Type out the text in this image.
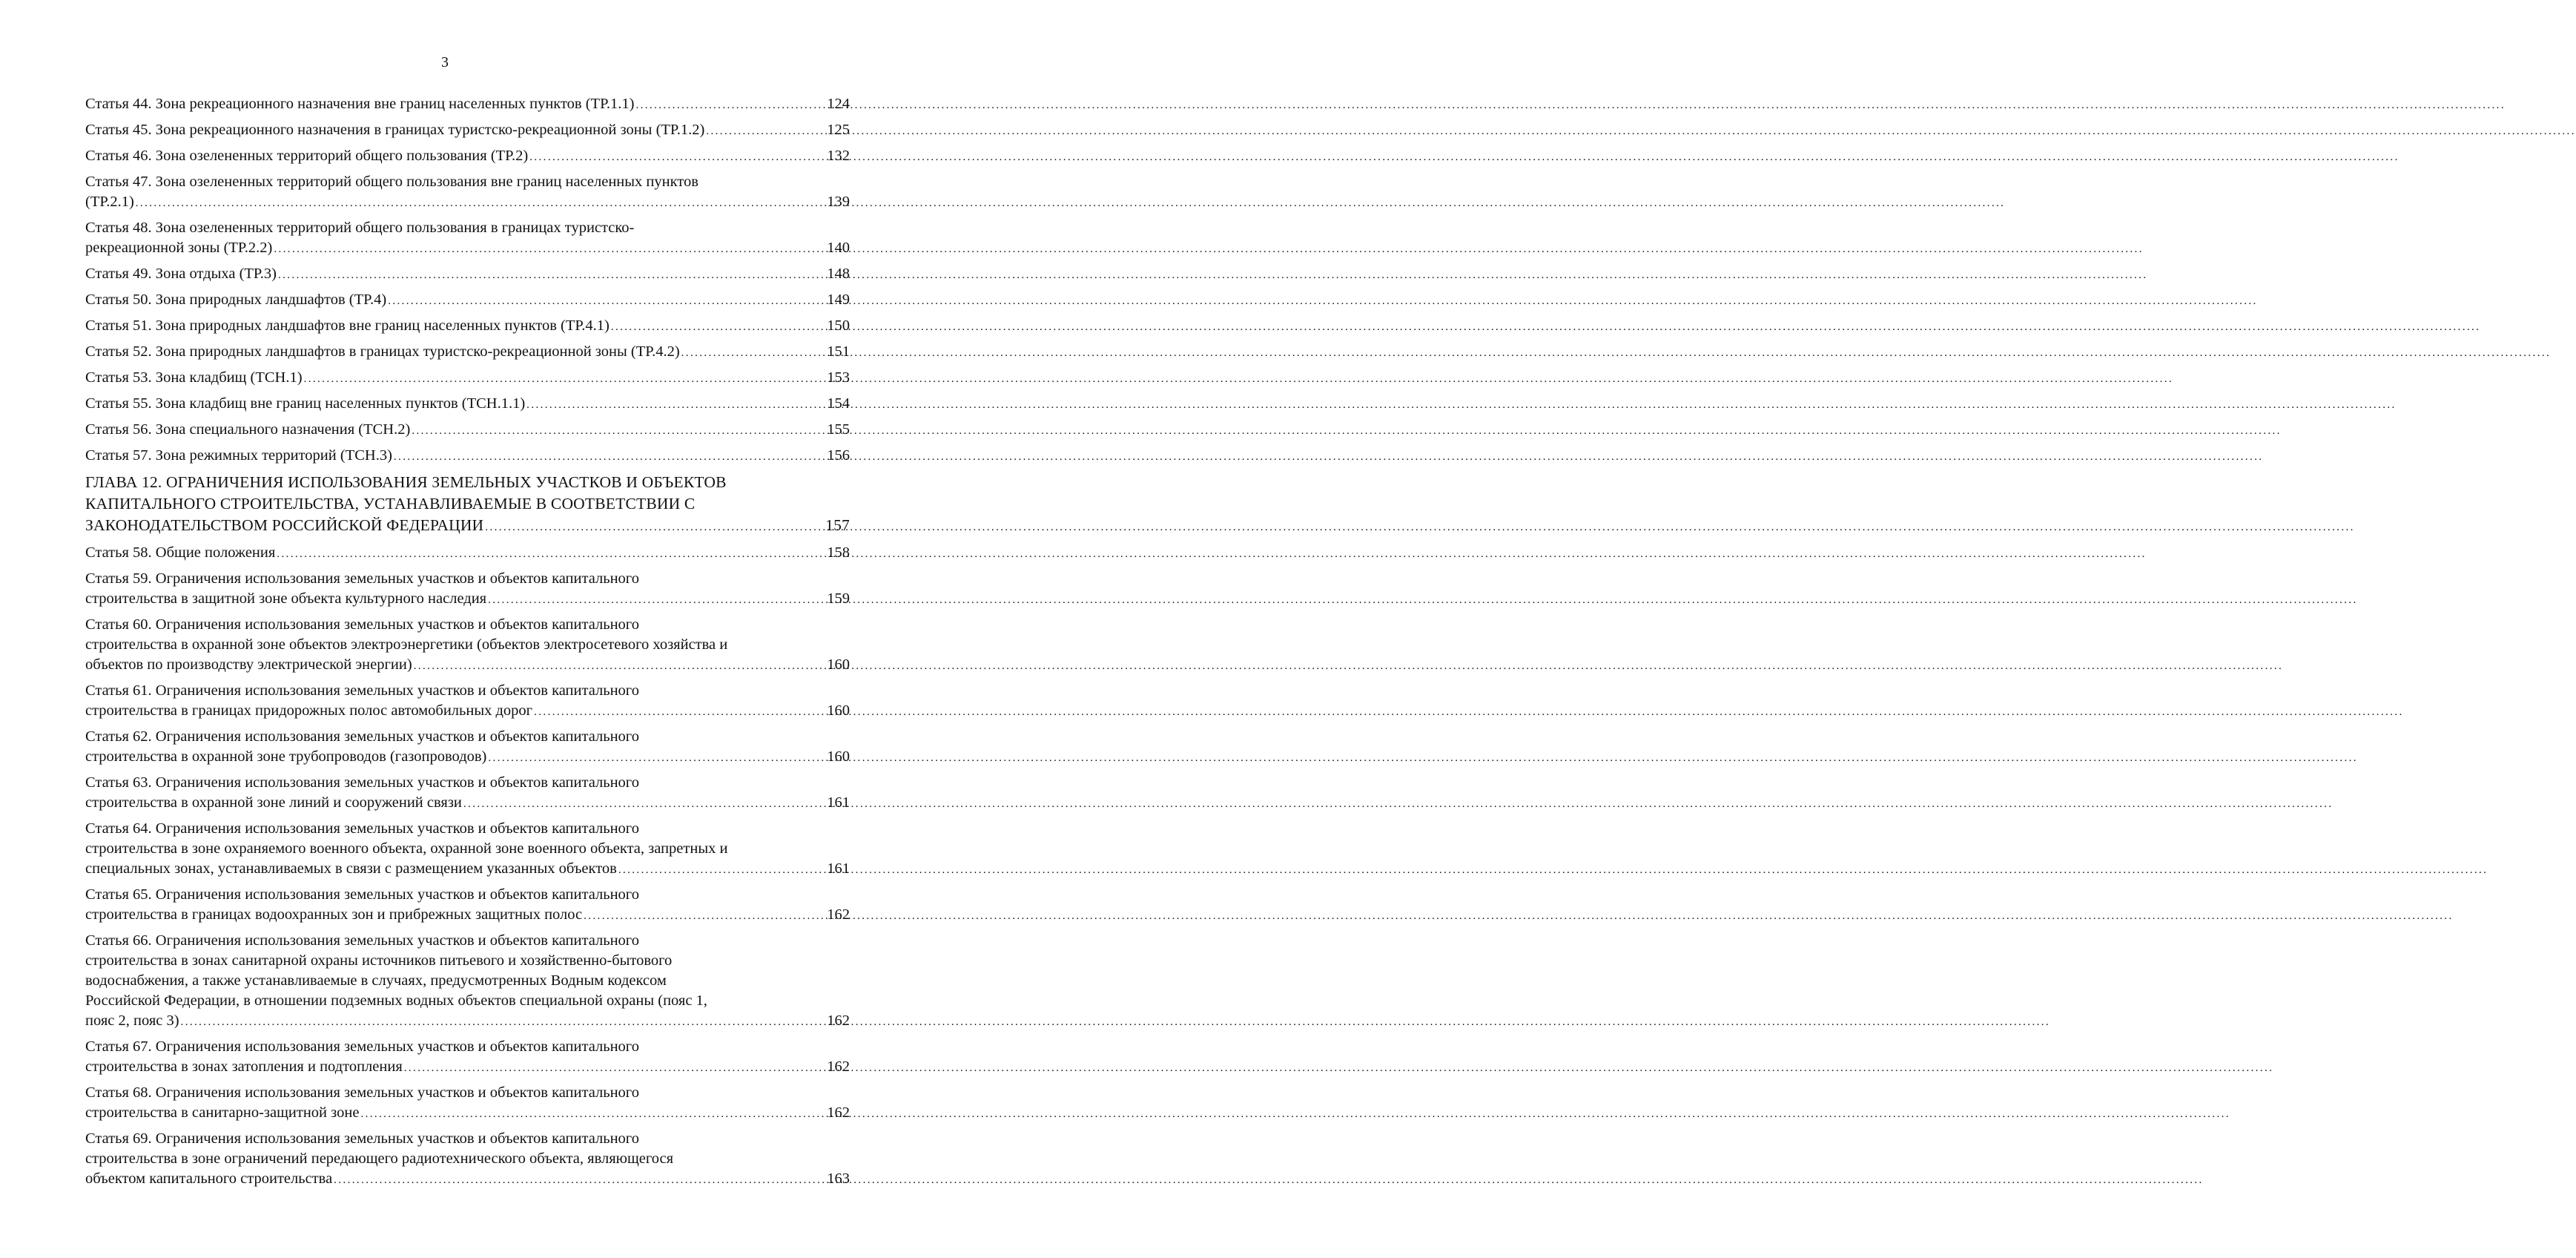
3
Статья 44. Зона рекреационного назначения вне границ населенных пунктов (ТР.1.1) .....	124
Статья 45. Зона рекреационного назначения в границах туристско-рекреационной зоны (ТР.1.2) .....	125
Статья 46. Зона озелененных территорий общего пользования (ТР.2) .....	132
Статья 47. Зона озелененных территорий общего пользования вне границ населенных пунктов
(ТР.2.1) .....	139
Статья 48. Зона озелененных территорий общего пользования в границах туристско-
рекреационной зоны (ТР.2.2) .....	140
Статья 49. Зона отдыха (ТР.3) .....	148
Статья 50. Зона природных ландшафтов (ТР.4) .....	149
Статья 51. Зона природных ландшафтов вне границ населенных пунктов (ТР.4.1) .....	150
Статья 52. Зона природных ландшафтов в границах туристско-рекреационной зоны (ТР.4.2) .....	151
Статья 53. Зона кладбищ (ТСН.1) .....	153
Статья 55. Зона кладбищ вне границ населенных пунктов (ТСН.1.1) .....	154
Статья 56. Зона специального назначения (ТСН.2) .....	155
Статья 57. Зона режимных территорий (ТСН.3) .....	156
ГЛАВА 12. ОГРАНИЧЕНИЯ ИСПОЛЬЗОВАНИЯ ЗЕМЕЛЬНЫХ УЧАСТКОВ И ОБЪЕКТОВ
КАПИТАЛЬНОГО СТРОИТЕЛЬСТВА, УСТАНАВЛИВАЕМЫЕ В СООТВЕТСТВИИ С
ЗАКОНОДАТЕЛЬСТВОМ РОССИЙСКОЙ ФЕДЕРАЦИИ .....	157
Статья 58. Общие положения .....	158
Статья 59. Ограничения использования земельных участков и объектов капитального
строительства в защитной зоне объекта культурного наследия .....	159
Статья 60. Ограничения использования земельных участков и объектов капитального
строительства в охранной зоне объектов электроэнергетики (объектов электросетевого хозяйства и
объектов по производству электрической энергии) .....	160
Статья 61. Ограничения использования земельных участков и объектов капитального
строительства в границах придорожных полос автомобильных дорог .....	160
Статья 62. Ограничения использования земельных участков и объектов капитального
строительства в охранной зоне трубопроводов (газопроводов) .....	160
Статья 63. Ограничения использования земельных участков и объектов капитального
строительства в охранной зоне линий и сооружений связи .....	161
Статья 64. Ограничения использования земельных участков и объектов капитального
строительства в зоне охраняемого военного объекта, охранной зоне военного объекта, запретных и
специальных зонах, устанавливаемых в связи с размещением указанных объектов .....	161
Статья 65. Ограничения использования земельных участков и объектов капитального
строительства в границах водоохранных зон и прибрежных защитных полос .....	162
Статья 66. Ограничения использования земельных участков и объектов капитального
строительства в зонах санитарной охраны источников питьевого и хозяйственно-бытового
водоснабжения, а также устанавливаемые в случаях, предусмотренных Водным кодексом
Российской Федерации, в отношении подземных водных объектов специальной охраны (пояс 1,
пояс 2, пояс 3) .....	162
Статья 67. Ограничения использования земельных участков и объектов капитального
строительства в зонах затопления и подтопления .....	162
Статья 68. Ограничения использования земельных участков и объектов капитального
строительства в санитарно-защитной зоне .....	162
Статья 69. Ограничения использования земельных участков и объектов капитального
строительства в зоне ограничений передающего радиотехнического объекта, являющегося
объектом капитального строительства .....	163
